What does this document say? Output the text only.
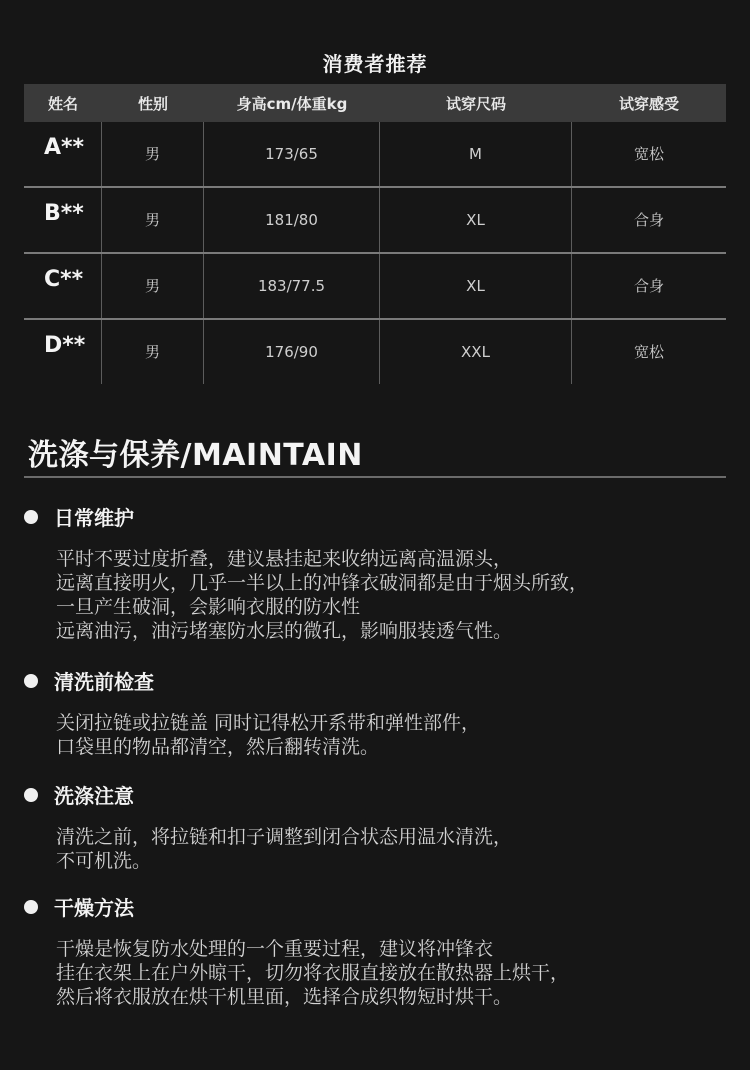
消费者推荐
姓名	性别	身高cm/体重kg	试穿尺码	试穿感受
A**	男	173/65	M	宽松
B**	男	181/80	XL	合身
C**	男	183/77.5	XL	合身
D**	男	176/90	XXL	宽松
洗涤与保养/MAINTAIN
日常维护
平时不要过度折叠，建议悬挂起来收纳远离高温源头，
远离直接明火，几乎一半以上的冲锋衣破洞都是由于烟头所致，
一旦产生破洞，会影响衣服的防水性
远离油污，油污堵塞防水层的微孔，影响服装透气性。
清洗前检查
关闭拉链或拉链盖 同时记得松开系带和弹性部件，
口袋里的物品都清空，然后翻转清洗。
洗涤注意
清洗之前，将拉链和扣子调整到闭合状态用温水清洗，
不可机洗。
干燥方法
干燥是恢复防水处理的一个重要过程，建议将冲锋衣
挂在衣架上在户外晾干，切勿将衣服直接放在散热器上烘干，
然后将衣服放在烘干机里面，选择合成织物短时烘干。
